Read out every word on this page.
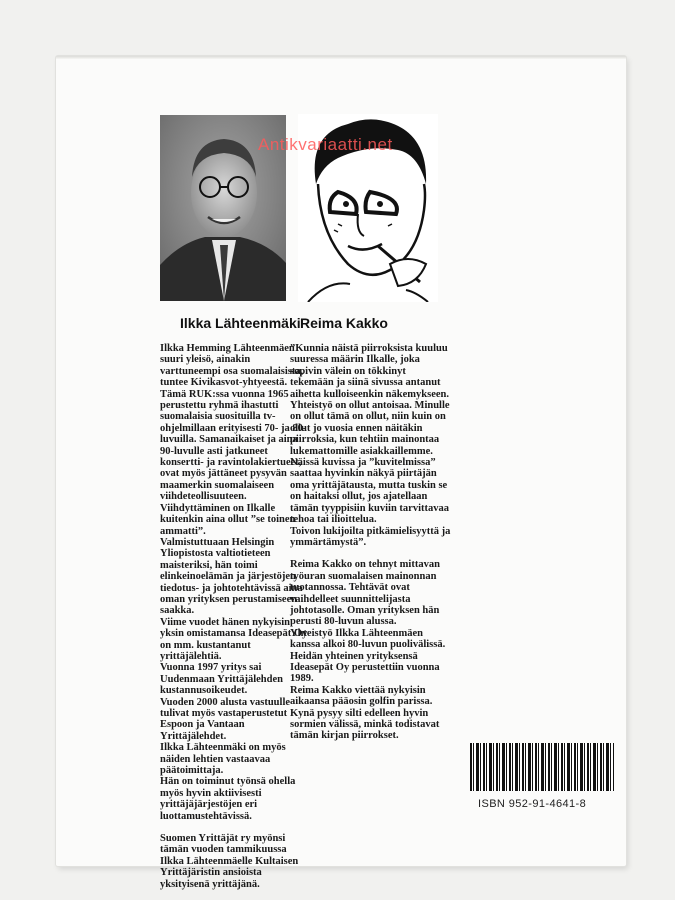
Antikvariaatti.net
Ilkka Lähteenmäki Reima Kakko

Ilkka Hemming Lähteenmäen suuri yleisö, ainakin varttuneempi osa suomalaisista, tuntee Kivikasvot-yhtyeestä. Tämä RUK:ssa vuonna 1965 perustettu ryhmä ihastutti suomalaisia suosituilla tv-ohjelmillaan erityisesti 70- ja 80-luvuilla. Samanaikaiset ja aina 90-luvulle asti jatkuneet konsertti- ja ravintolakiertueet, ovat myös jättäneet pysyvän maamerkin suomalaiseen viihdeteollisuuteen.

Viihdyttäminen on Ilkalle kuitenkin aina ollut ”se toinen ammatti”.

Valmistuttuaan Helsingin Yliopistosta valtiotieteen maisteriksi, hän toimi elinkeinoelämän ja järjestöjen tiedotus- ja johtotehtävissä aina oman yrityksen perustamiseen saakka.

Viime vuodet hänen nykyisin yksin omistamansa Ideasepät Oy on mm. kustantanut yrittäjälehtiä.

Vuonna 1997 yritys sai Uudenmaan Yrittäjälehden kustannusoikeudet.

Vuoden 2000 alusta vastuulle tulivat myös vastaperustetut Espoon ja Vantaan Yrittäjälehdet.

Ilkka Lähteenmäki on myös näiden lehtien vastaavaa päätoimittaja.

Hän on toiminut työnsä ohella myös hyvin aktiivisesti yrittäjäjärjestöjen eri luottamustehtävissä.

Suomen Yrittäjät ry myönsi tämän vuoden tammikuussa Ilkka Lähteenmäelle Kultaisen Yrittäjäristin ansioista yksityisenä yrittäjänä.

”Kunnia näistä piirroksista kuuluu suuressa määrin Ilkalle, joka sopivin välein on tökkinyt tekemään ja siinä sivussa antanut aihetta kulloiseenkin näkemykseen.

Yhteistyö on ollut antoisaa. Minulle on ollut tämä on ollut, niin kuin on ollut jo vuosia ennen näitäkin piirroksia, kun tehtiin mainontaa lukemattomille asiakkaillemme.

Näissä kuvissa ja ”kuvitelmissa” saattaa hyvinkin näkyä piirtäjän oma yrittäjätausta, mutta tuskin se on haitaksi ollut, jos ajatellaan tämän tyyppisiin kuviin tarvittavaa tehoa tai ilioittelua.

Toivon lukijoilta pitkämielisyyttä ja ymmärtämystä”.

Reima Kakko on tehnyt mittavan työuran suomalaisen mainonnan tuotannossa. Tehtävät ovat vaihdelleet suunnittelijasta johtotasolle. Oman yrityksen hän perusti 80-luvun alussa.

Yhteistyö Ilkka Lähteenmäen kanssa alkoi 80-luvun puolivälissä.

Heidän yhteinen yrityksensä Ideasepät Oy perustettiin vuonna 1989.

Reima Kakko viettää nykyisin aikaansa pääosin golfin parissa.

Kynä pysyy silti edelleen hyvin sormien välissä, minkä todistavat tämän kirjan piirrokset.

ISBN 952-91-4641-8
